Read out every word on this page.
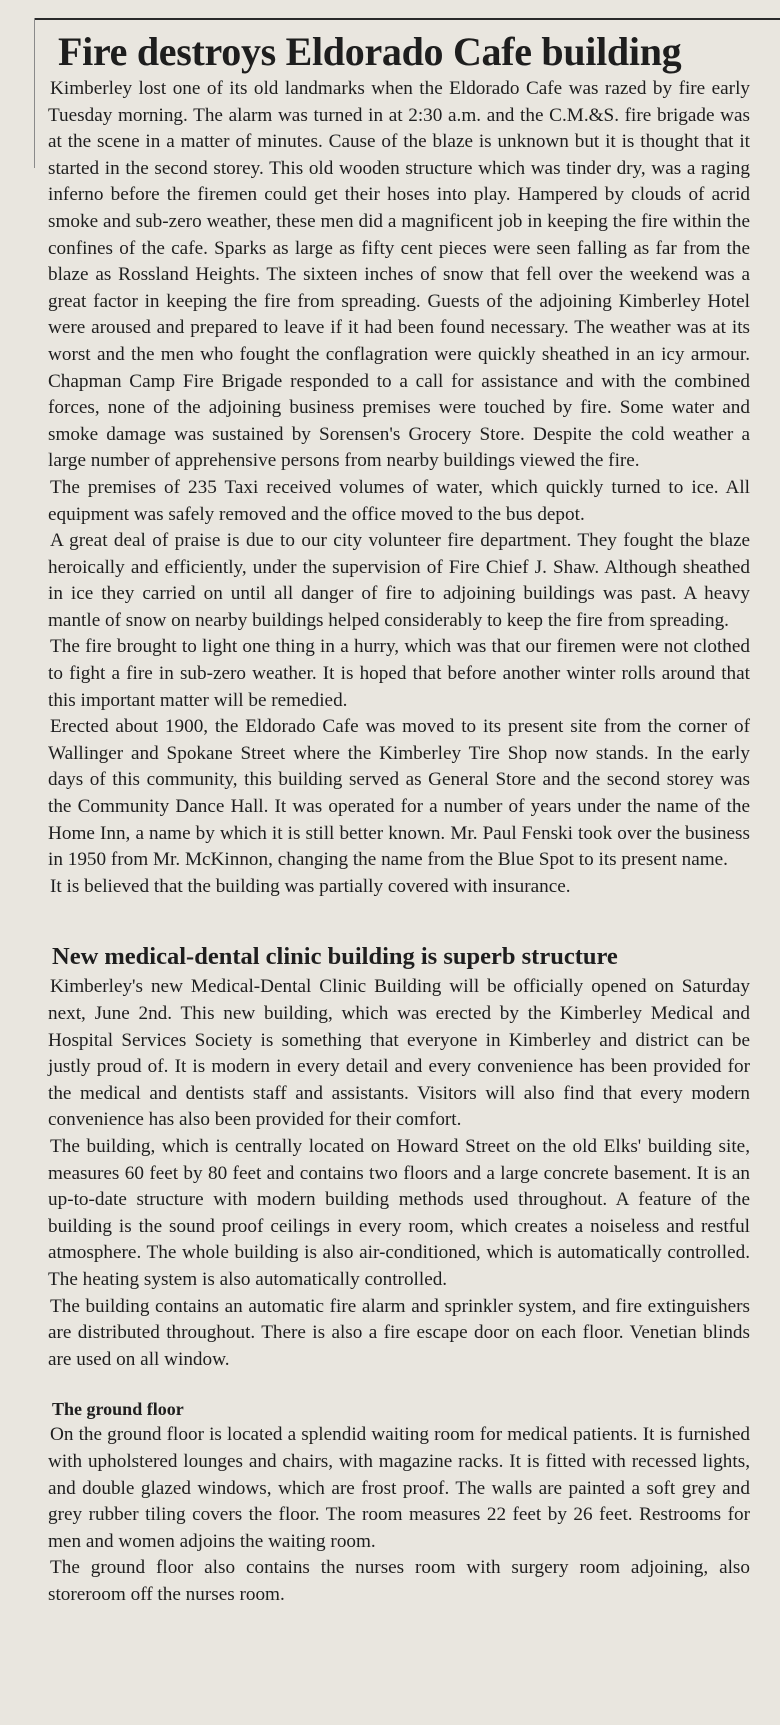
Fire destroys Eldorado Cafe building

Kimberley lost one of its old landmarks when the Eldorado Cafe was razed by fire early Tuesday morning. The alarm was turned in at 2:30 a.m. and the C.M.&S. fire brigade was at the scene in a matter of minutes. Cause of the blaze is unknown but it is thought that it started in the second storey. This old wooden structure which was tinder dry, was a raging inferno before the firemen could get their hoses into play. Hampered by clouds of acrid smoke and sub-zero weather, these men did a magnificent job in keeping the fire within the confines of the cafe. Sparks as large as fifty cent pieces were seen falling as far from the blaze as Rossland Heights. The sixteen inches of snow that fell over the weekend was a great factor in keeping the fire from spreading. Guests of the adjoining Kimberley Hotel were aroused and prepared to leave if it had been found necessary. The weather was at its worst and the men who fought the conflagration were quickly sheathed in an icy armour. Chapman Camp Fire Brigade responded to a call for assistance and with the combined forces, none of the adjoining business premises were touched by fire. Some water and smoke damage was sustained by Sorensen's Grocery Store. Despite the cold weather a large number of apprehensive persons from nearby buildings viewed the fire.

The premises of 235 Taxi received volumes of water, which quickly turned to ice. All equipment was safely removed and the office moved to the bus depot.

A great deal of praise is due to our city volunteer fire department. They fought the blaze heroically and efficiently, under the supervision of Fire Chief J. Shaw. Although sheathed in ice they carried on until all danger of fire to adjoining buildings was past. A heavy mantle of snow on nearby buildings helped considerably to keep the fire from spreading.

The fire brought to light one thing in a hurry, which was that our firemen were not clothed to fight a fire in sub-zero weather. It is hoped that before another winter rolls around that this important matter will be remedied.

Erected about 1900, the Eldorado Cafe was moved to its present site from the corner of Wallinger and Spokane Street where the Kimberley Tire Shop now stands. In the early days of this community, this building served as General Store and the second storey was the Community Dance Hall. It was operated for a number of years under the name of the Home Inn, a name by which it is still better known. Mr. Paul Fenski took over the business in 1950 from Mr. McKinnon, changing the name from the Blue Spot to its present name.

It is believed that the building was partially covered with insurance.

New medical-dental clinic building is superb structure

Kimberley's new Medical-Dental Clinic Building will be officially opened on Saturday next, June 2nd. This new building, which was erected by the Kimberley Medical and Hospital Services Society is something that everyone in Kimberley and district can be justly proud of. It is modern in every detail and every convenience has been provided for the medical and dentists staff and assistants. Visitors will also find that every modern convenience has also been provided for their comfort.

The building, which is centrally located on Howard Street on the old Elks' building site, measures 60 feet by 80 feet and contains two floors and a large concrete basement. It is an up-to-date structure with modern building methods used throughout. A feature of the building is the sound proof ceilings in every room, which creates a noiseless and restful atmosphere. The whole building is also air-conditioned, which is automatically controlled. The heating system is also automatically controlled.

The building contains an automatic fire alarm and sprinkler system, and fire extinguishers are distributed throughout. There is also a fire escape door on each floor. Venetian blinds are used on all window.

The ground floor

On the ground floor is located a splendid waiting room for medical patients. It is furnished with upholstered lounges and chairs, with magazine racks. It is fitted with recessed lights, and double glazed windows, which are frost proof. The walls are painted a soft grey and grey rubber tiling covers the floor. The room measures 22 feet by 26 feet. Restrooms for men and women adjoins the waiting room.

The ground floor also contains the nurses room with surgery room adjoining, also storeroom off the nurses room.
